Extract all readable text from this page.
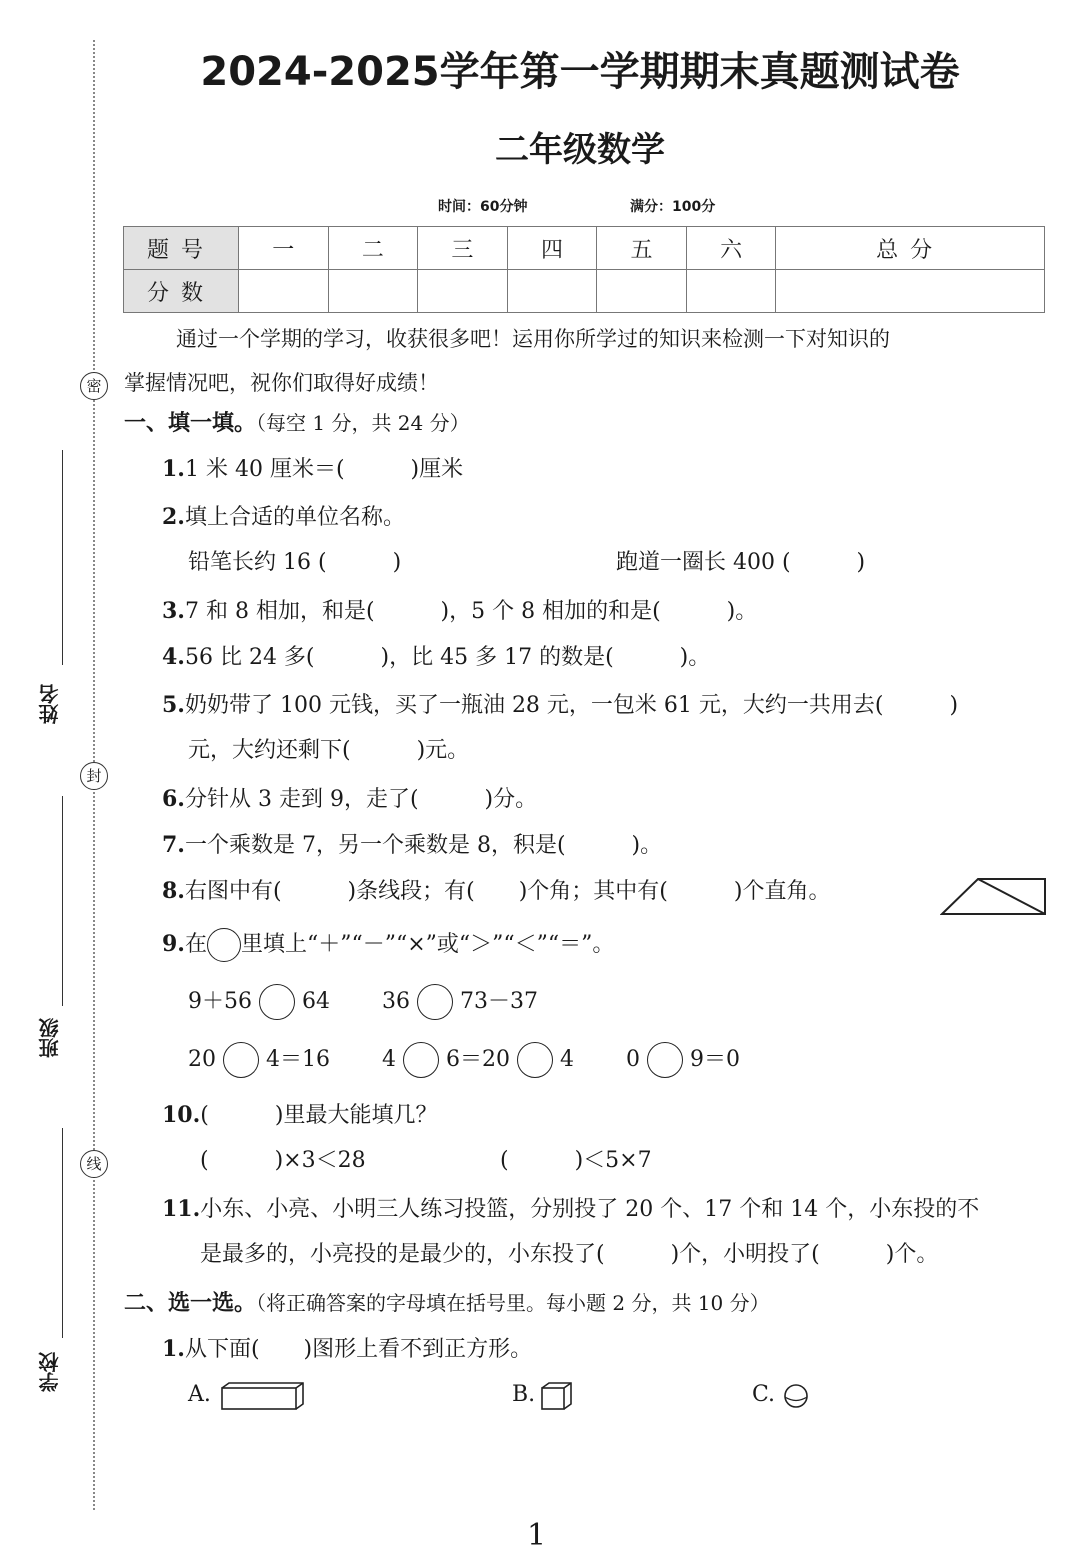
密
封
线
姓名
班级
学校
2024-2025学年第一学期期末真题测试卷
二年级数学
时间：60分钟	满分：100分
题号	一	二	三	四	五	六	总分
分数							
通过一个学期的学习，收获很多吧！运用你所学过的知识来检测一下对知识的
掌握情况吧，祝你们取得好成绩！
一、填一填。（每空 1 分，共 24 分）
1.1 米 40 厘米＝(　　　)厘米
2.填上合适的单位名称。
铅笔长约 16 (　　　)	跑道一圈长 400 (　　　)
3.7 和 8 相加，和是(　　　)，5 个 8 相加的和是(　　　)。
4.56 比 24 多(　　　)，比 45 多 17 的数是(　　　)。
5.奶奶带了 100 元钱，买了一瓶油 28 元，一包米 61 元，大约一共用去(　　　)
元，大约还剩下(　　　)元。
6.分针从 3 走到 9，走了(　　　)分。
7.一个乘数是 7，另一个乘数是 8，积是(　　　)。
8.右图中有(　　　)条线段；有(　　)个角；其中有(　　　)个直角。
9.在 里填上“＋”“－”“×”或“＞”“＜”“＝”。
9＋56 64 36 73－37
20 4＝16 4 6＝20 4 0 9＝0
10.(　　　)里最大能填几？
(　　　)×3＜28	(　　　)＜5×7
11.小东、小亮、小明三人练习投篮，分别投了 20 个、17 个和 14 个，小东投的不
是最多的，小亮投的是最少的，小东投了(　　　)个，小明投了(　　　)个。
二、选一选。（将正确答案的字母填在括号里。每小题 2 分，共 10 分）
1.从下面(　　)图形上看不到正方形。
A.	B.	C.
1
